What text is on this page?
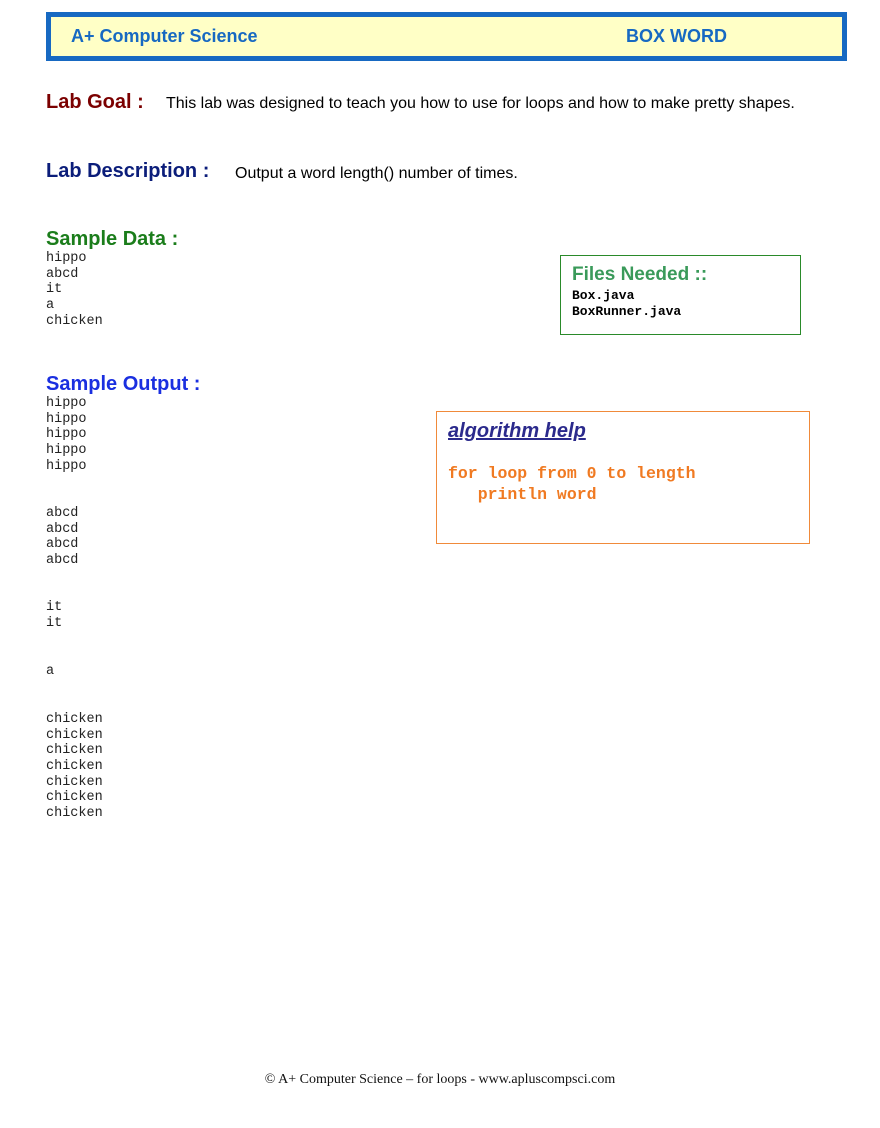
A+ Computer Science	BOX WORD
Lab Goal : This lab was designed to teach you how to use for loops and how to make pretty shapes.
Lab Description : Output a word length() number of times.
Sample Data :
hippo
abcd
it
a
chicken
Files Needed ::
Box.java
BoxRunner.java
Sample Output :
hippo
hippo
hippo
hippo
hippo
abcd
abcd
abcd
abcd
it
it
a
chicken
chicken
chicken
chicken
chicken
chicken
chicken
algorithm help
for loop from 0 to length
println word
© A+ Computer Science – for loops - www.apluscompsci.com
